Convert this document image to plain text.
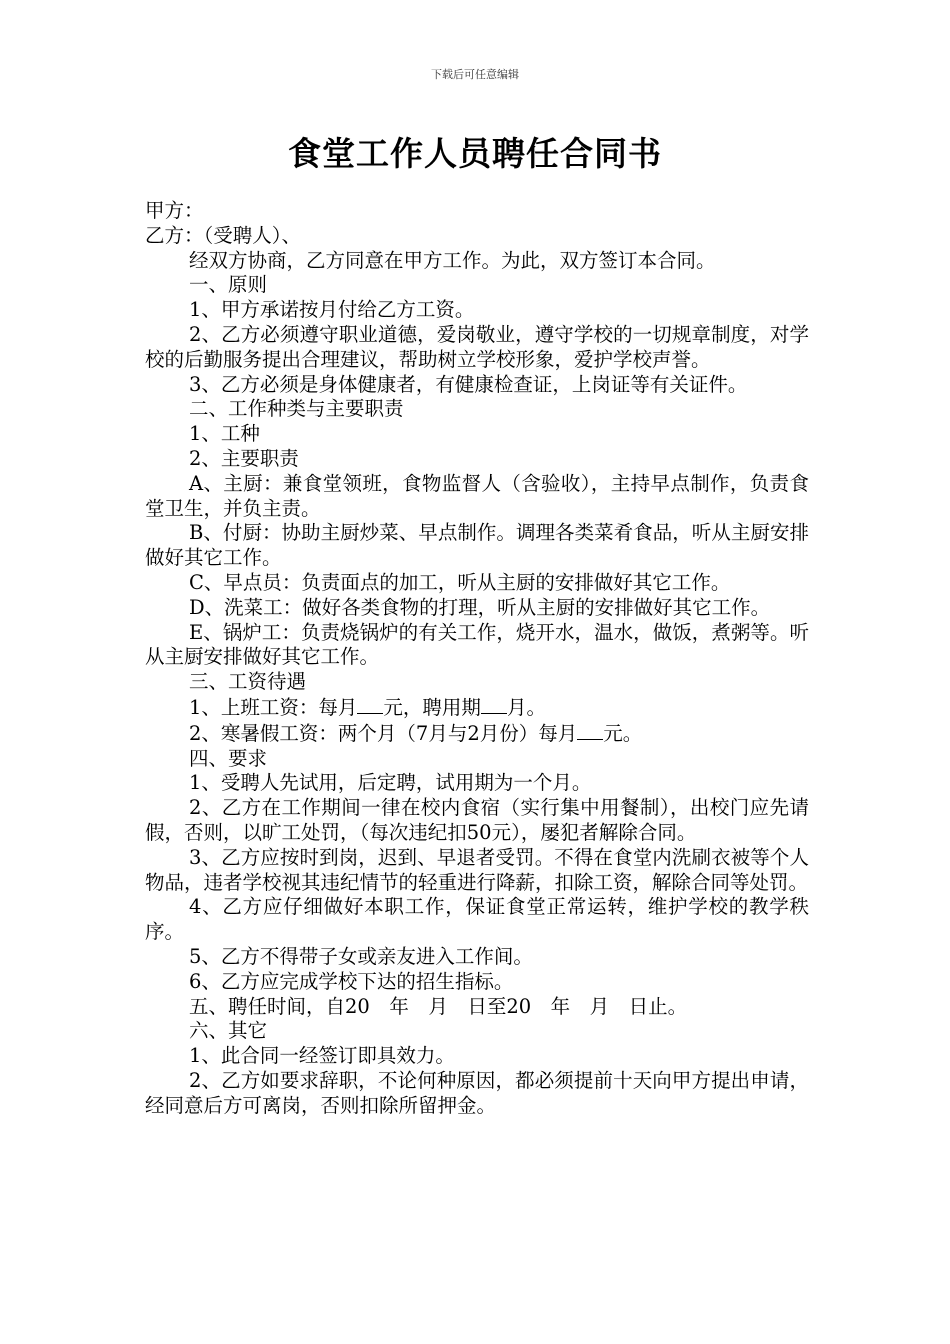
下载后可任意编辑
食堂工作人员聘任合同书

甲方：

乙方：（受聘人）、

经双方协商，乙方同意在甲方工作。为此，双方签订本合同。

一、原则

1、甲方承诺按月付给乙方工资。

2、乙方必须遵守职业道德，爱岗敬业，遵守学校的一切规章制度，对学校的后勤服务提出合理建议，帮助树立学校形象，爱护学校声誉。

3、乙方必须是身体健康者，有健康检查证，上岗证等有关证件。

二、工作种类与主要职责

1、工种

2、主要职责

A、主厨：兼食堂领班，食物监督人（含验收），主持早点制作，负责食堂卫生，并负主责。

B、付厨：协助主厨炒菜、早点制作。调理各类菜肴食品，听从主厨安排做好其它工作。

C、早点员：负责面点的加工，听从主厨的安排做好其它工作。

D、洗菜工：做好各类食物的打理，听从主厨的安排做好其它工作。

E、锅炉工：负责烧锅炉的有关工作，烧开水，温水，做饭，煮粥等。听从主厨安排做好其它工作。

三、工资待遇

1、上班工资：每月 元，聘用期 月。

2、寒暑假工资：两个月（7月与2月份）每月 元。

四、要求

1、受聘人先试用，后定聘，试用期为一个月。

2、乙方在工作期间一律在校内食宿（实行集中用餐制），出校门应先请假，否则，以旷工处罚，（每次违纪扣50元），屡犯者解除合同。

3、乙方应按时到岗，迟到、早退者受罚。不得在食堂内洗刷衣被等个人物品，违者学校视其违纪情节的轻重进行降薪，扣除工资，解除合同等处罚。

4、乙方应仔细做好本职工作，保证食堂正常运转，维护学校的教学秩序。

5、乙方不得带子女或亲友进入工作间。

6、乙方应完成学校下达的招生指标。

五、聘任时间，自20　年　月　日至20　年　月　日止。

六、其它

1、此合同一经签订即具效力。

2、乙方如要求辞职，不论何种原因，都必须提前十天向甲方提出申请，经同意后方可离岗，否则扣除所留押金。
